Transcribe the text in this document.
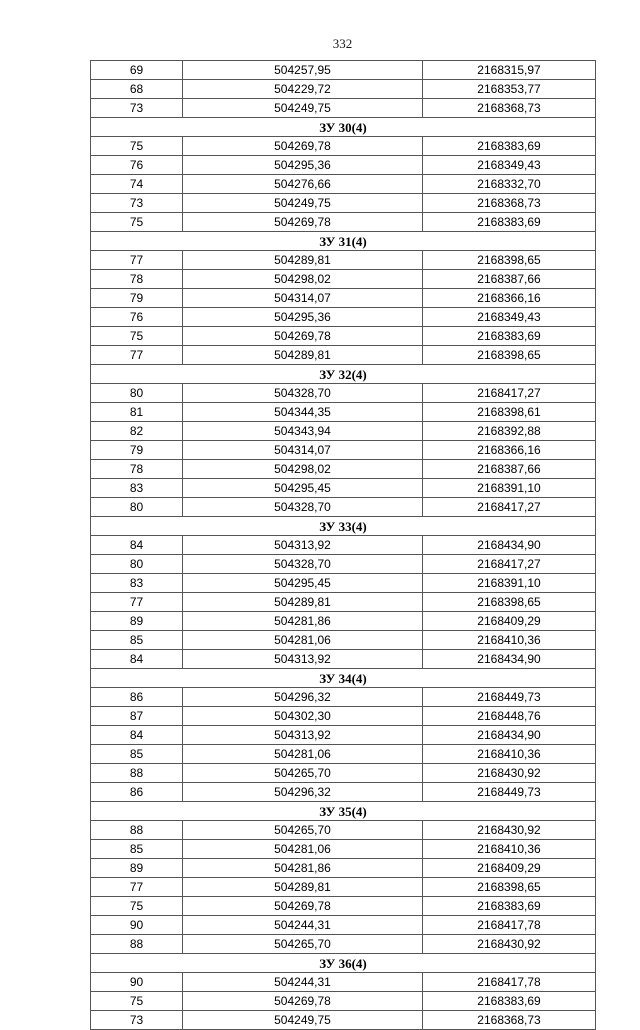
332
69	504257,95	2168315,97
68	504229,72	2168353,77
73	504249,75	2168368,73
ЗУ 30(4)		
75	504269,78	2168383,69
76	504295,36	2168349,43
74	504276,66	2168332,70
73	504249,75	2168368,73
75	504269,78	2168383,69
ЗУ 31(4)		
77	504289,81	2168398,65
78	504298,02	2168387,66
79	504314,07	2168366,16
76	504295,36	2168349,43
75	504269,78	2168383,69
77	504289,81	2168398,65
ЗУ 32(4)		
80	504328,70	2168417,27
81	504344,35	2168398,61
82	504343,94	2168392,88
79	504314,07	2168366,16
78	504298,02	2168387,66
83	504295,45	2168391,10
80	504328,70	2168417,27
ЗУ 33(4)		
84	504313,92	2168434,90
80	504328,70	2168417,27
83	504295,45	2168391,10
77	504289,81	2168398,65
89	504281,86	2168409,29
85	504281,06	2168410,36
84	504313,92	2168434,90
ЗУ 34(4)		
86	504296,32	2168449,73
87	504302,30	2168448,76
84	504313,92	2168434,90
85	504281,06	2168410,36
88	504265,70	2168430,92
86	504296,32	2168449,73
ЗУ 35(4)		
88	504265,70	2168430,92
85	504281,06	2168410,36
89	504281,86	2168409,29
77	504289,81	2168398,65
75	504269,78	2168383,69
90	504244,31	2168417,78
88	504265,70	2168430,92
ЗУ 36(4)		
90	504244,31	2168417,78
75	504269,78	2168383,69
73	504249,75	2168368,73
